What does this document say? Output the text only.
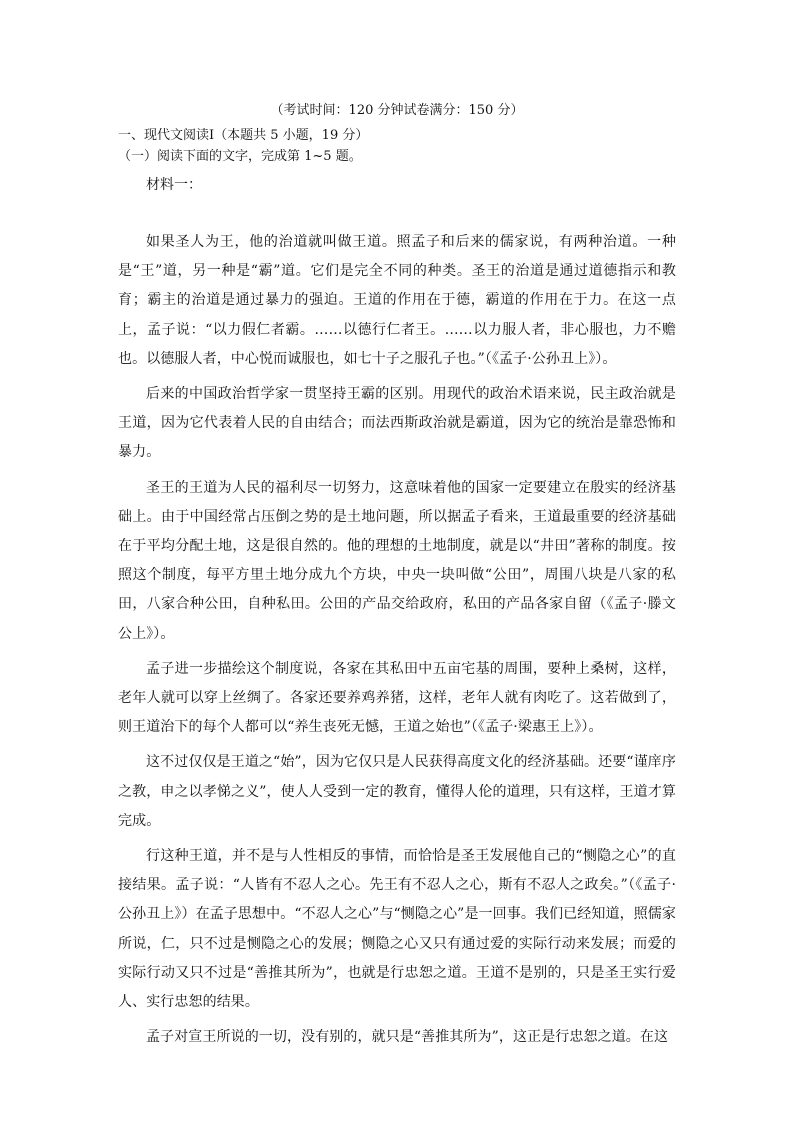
（考试时间：120 分钟试卷满分：150 分）
一、现代文阅读Ⅰ（本题共 5 小题，19 分）
（一）阅读下面的文字，完成第 1~5 题。
材料一：

如果圣人为王，他的治道就叫做王道。照孟子和后来的儒家说，有两种治道。一种是“王”道，另一种是“霸”道。它们是完全不同的种类。圣王的治道是通过道德指示和教育；霸主的治道是通过暴力的强迫。王道的作用在于德，霸道的作用在于力。在这一点上，孟子说：“以力假仁者霸。……以德行仁者王。……以力服人者，非心服也，力不赡也。以德服人者，中心悦而诚服也，如七十子之服孔子也。”（《孟子·公孙丑上》）。

后来的中国政治哲学家一贯坚持王霸的区别。用现代的政治术语来说，民主政治就是王道，因为它代表着人民的自由结合；而法西斯政治就是霸道，因为它的统治是靠恐怖和暴力。

圣王的王道为人民的福利尽一切努力，这意味着他的国家一定要建立在殷实的经济基础上。由于中国经常占压倒之势的是土地问题，所以据孟子看来，王道最重要的经济基础在于平均分配土地，这是很自然的。他的理想的土地制度，就是以“井田”著称的制度。按照这个制度，每平方里土地分成九个方块，中央一块叫做“公田”，周围八块是八家的私田，八家合种公田，自种私田。公田的产品交给政府，私田的产品各家自留（《孟子·滕文公上》）。

孟子进一步描绘这个制度说，各家在其私田中五亩宅基的周围，要种上桑树，这样，老年人就可以穿上丝绸了。各家还要养鸡养猪，这样，老年人就有肉吃了。这若做到了，则王道治下的每个人都可以“养生丧死无憾，王道之始也”（《孟子·梁惠王上》）。

这不过仅仅是王道之“始”，因为它仅只是人民获得高度文化的经济基础。还要“谨庠序之教，申之以孝悌之义”，使人人受到一定的教育，懂得人伦的道理，只有这样，王道才算完成。

行这种王道，并不是与人性相反的事情，而恰恰是圣王发展他自己的“恻隐之心”的直接结果。孟子说：“人皆有不忍人之心。先王有不忍人之心，斯有不忍人之政矣。”（《孟子·公孙丑上》）在孟子思想中。“不忍人之心”与“恻隐之心”是一回事。我们已经知道，照儒家所说，仁，只不过是恻隐之心的发展；恻隐之心又只有通过爱的实际行动来发展；而爱的实际行动又只不过是“善推其所为”，也就是行忠恕之道。王道不是别的，只是圣王实行爱人、实行忠恕的结果。

孟子对宣王所说的一切，没有别的，就只是“善推其所为”，这正是行忠恕之道。在这
